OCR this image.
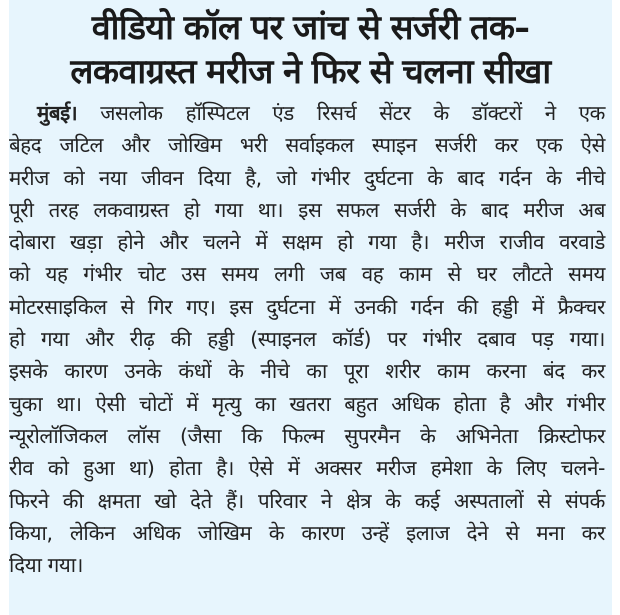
वीडियो कॉल पर जांच से सर्जरी तक–
लकवाग्रस्त मरीज ने फिर से चलना सीखा
मुंबई। जसलोक हॉस्पिटल एंड रिसर्च सेंटर के डॉक्टरों ने एक
बेहद जटिल और जोखिम भरी सर्वाइकल स्पाइन सर्जरी कर एक ऐसे
मरीज को नया जीवन दिया है, जो गंभीर दुर्घटना के बाद गर्दन के नीचे
पूरी तरह लकवाग्रस्त हो गया था। इस सफल सर्जरी के बाद मरीज अब
दोबारा खड़ा होने और चलने में सक्षम हो गया है। मरीज राजीव वरवाडे
को यह गंभीर चोट उस समय लगी जब वह काम से घर लौटते समय
मोटरसाइकिल से गिर गए। इस दुर्घटना में उनकी गर्दन की हड्डी में फ्रैक्चर
हो गया और रीढ़ की हड्डी (स्पाइनल कॉर्ड) पर गंभीर दबाव पड़ गया।
इसके कारण उनके कंधों के नीचे का पूरा शरीर काम करना बंद कर
चुका था। ऐसी चोटों में मृत्यु का खतरा बहुत अधिक होता है और गंभीर
न्यूरोलॉजिकल लॉस (जैसा कि फिल्म सुपरमैन के अभिनेता क्रिस्टोफर
रीव को हुआ था) होता है। ऐसे में अक्सर मरीज हमेशा के लिए चलने-
फिरने की क्षमता खो देते हैं। परिवार ने क्षेत्र के कई अस्पतालों से संपर्क
किया, लेकिन अधिक जोखिम के कारण उन्हें इलाज देने से मना कर
दिया गया।
